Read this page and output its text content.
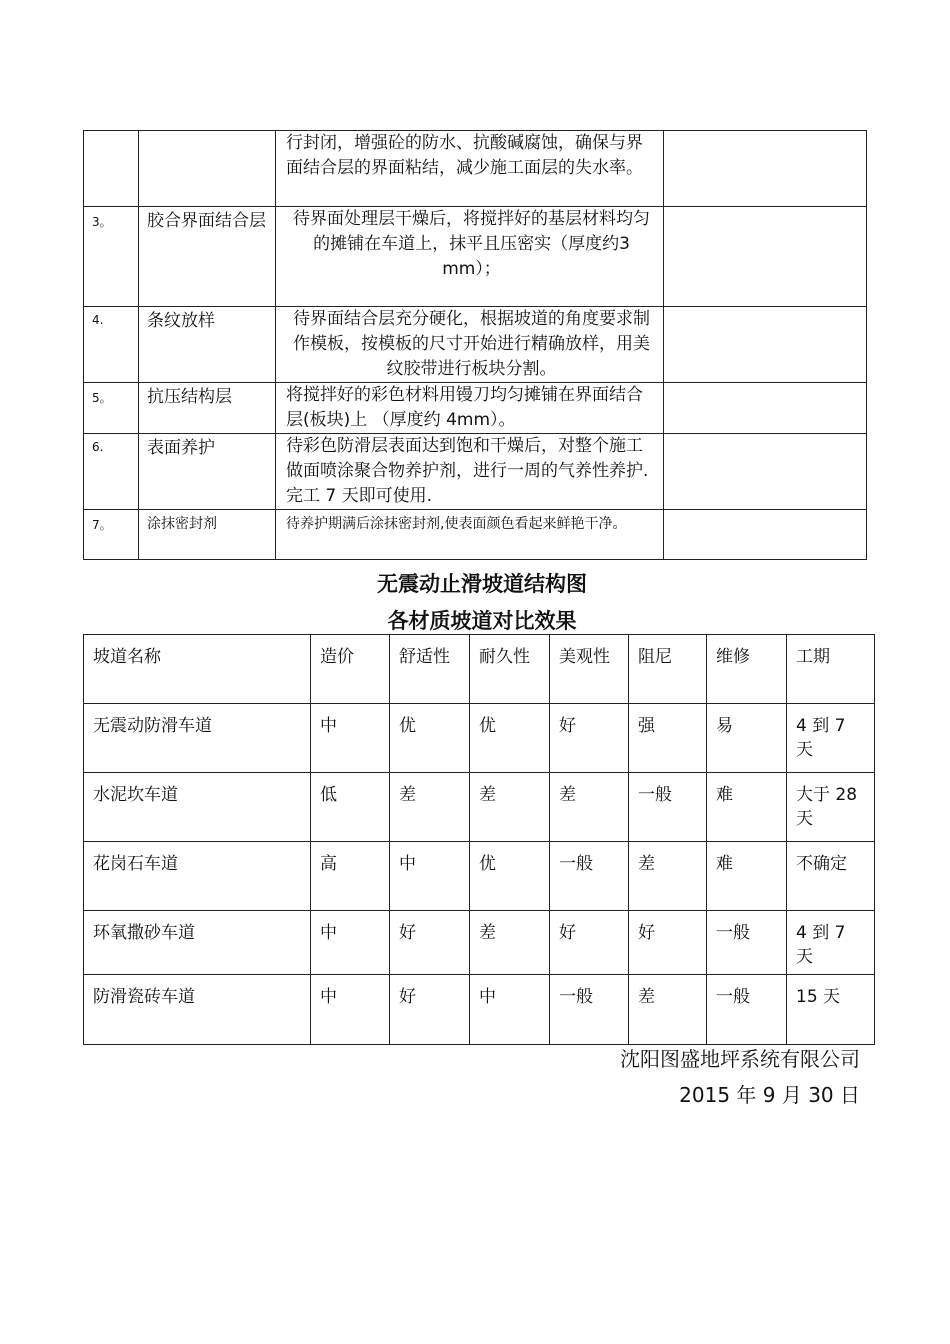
		行封闭，增强砼的防水、抗酸碱腐蚀，确保与界面结合层的界面粘结，减少施工面层的失水率。	
3。	胶合界面结合层	待界面处理层干燥后，将搅拌好的基层材料均匀的摊铺在车道上，抹平且压密实（厚度约3 mm）；	
4.	条纹放样	待界面结合层充分硬化，根据坡道的角度要求制作模板，按模板的尺寸开始进行精确放样，用美纹胶带进行板块分割。	
5。	抗压结构层	将搅拌好的彩色材料用镘刀均匀摊铺在界面结合层(板块)上 （厚度约 4mm）。	
6.	表面养护	待彩色防滑层表面达到饱和干燥后，对整个施工做面喷涂聚合物养护剂，进行一周的气养性养护.完工 7 天即可使用.	
7。	涂抹密封剂	待养护期满后涂抹密封剂,使表面颜色看起来鲜艳干净。	
无震动止滑坡道结构图
各材质坡道对比效果
坡道名称	造价	舒适性	耐久性	美观性	阻尼	维修	工期
无震动防滑车道	中	优	优	好	强	易	4 到 7 天
水泥坎车道	低	差	差	差	一般	难	大于 28 天
花岗石车道	高	中	优	一般	差	难	不确定
环氧撒砂车道	中	好	差	好	好	一般	4 到 7 天
防滑瓷砖车道	中	好	中	一般	差	一般	15 天
沈阳图盛地坪系统有限公司
2015 年 9 月 30 日
